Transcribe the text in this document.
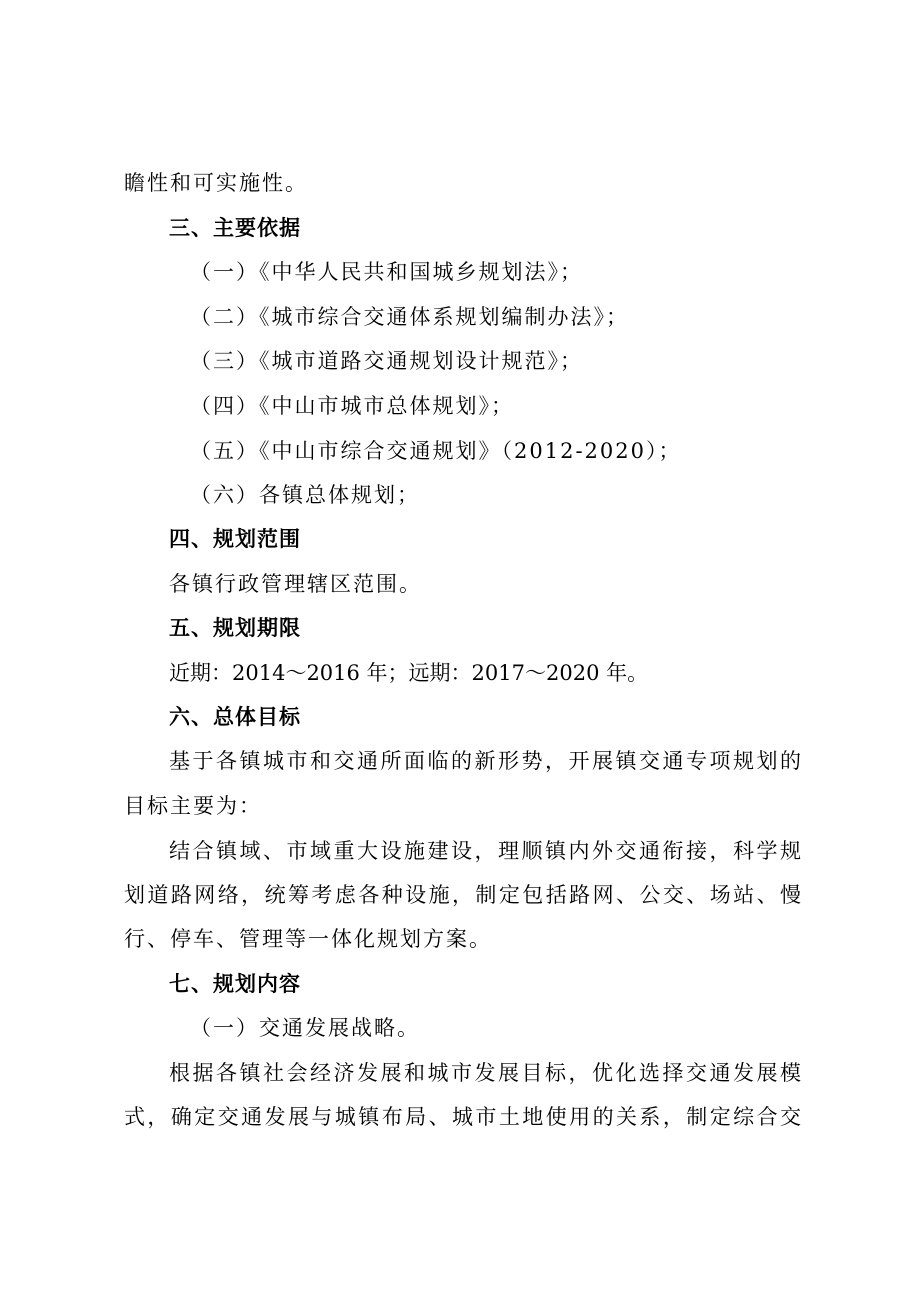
瞻性和可实施性。
三、主要依据
（一）《中华人民共和国城乡规划法》；
（二）《城市综合交通体系规划编制办法》；
（三）《城市道路交通规划设计规范》；
（四）《中山市城市总体规划》；
（五）《中山市综合交通规划》（2012-2020）；
（六）各镇总体规划；
四、规划范围
各镇行政管理辖区范围。
五、规划期限
近期：2014～2016 年；远期：2017～2020 年。
六、总体目标
基于各镇城市和交通所面临的新形势，开展镇交通专项规划的
目标主要为：
结合镇域、市域重大设施建设，理顺镇内外交通衔接，科学规
划道路网络，统筹考虑各种设施，制定包括路网、公交、场站、慢
行、停车、管理等一体化规划方案。
七、规划内容
（一）交通发展战略。
根据各镇社会经济发展和城市发展目标，优化选择交通发展模
式，确定交通发展与城镇布局、城市土地使用的关系，制定综合交
